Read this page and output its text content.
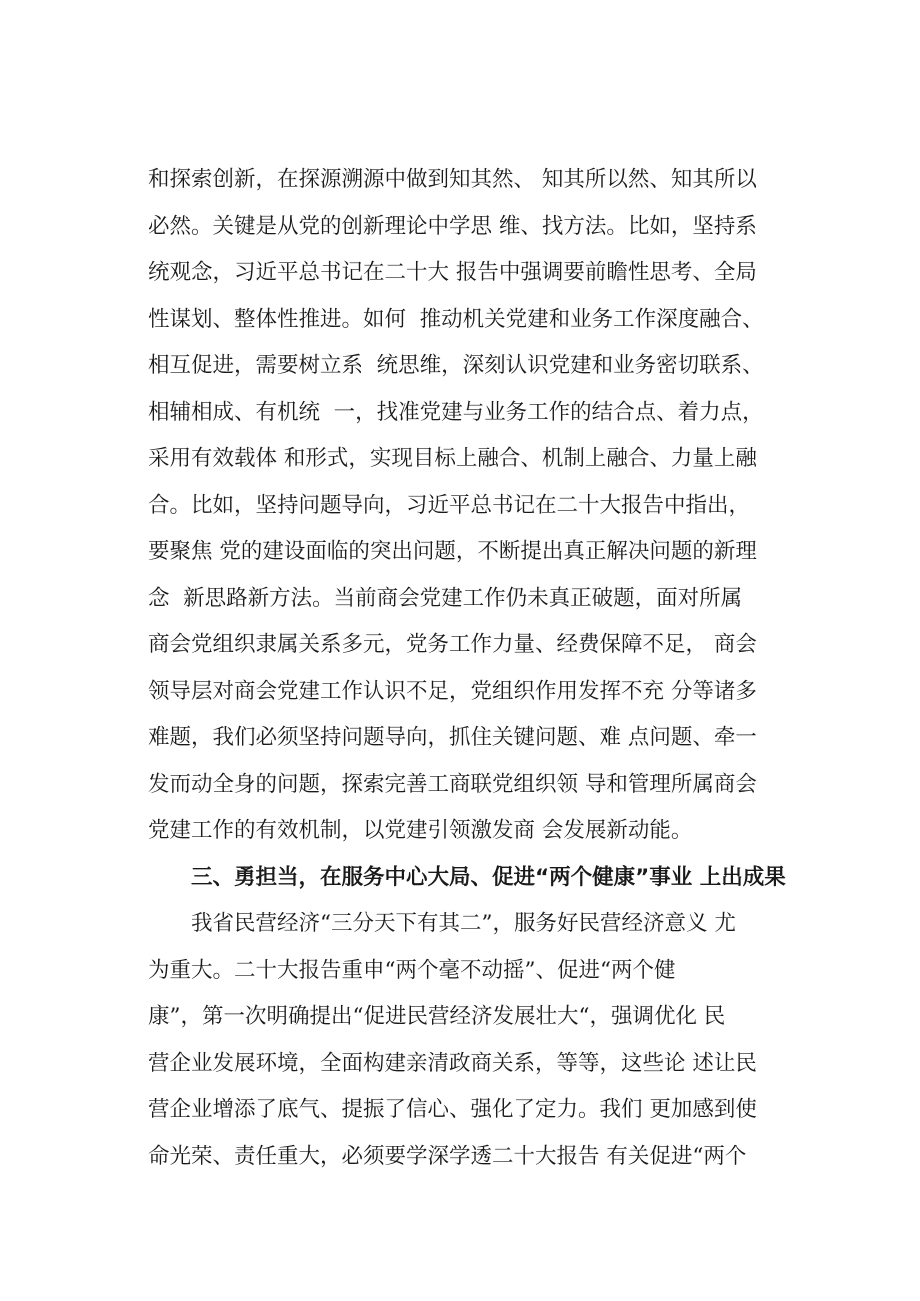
和探索创新，在探源溯源中做到知其然、 知其所以然、知其所以
必然。关键是从党的创新理论中学思 维、找方法。比如，坚持系
统观念，习近平总书记在二十大 报告中强调要前瞻性思考、全局
性谋划、整体性推进。如何  推动机关党建和业务工作深度融合、
相互促进，需要树立系  统思维，深刻认识党建和业务密切联系、
相辅相成、有机统  一，找准党建与业务工作的结合点、着力点，
采用有效载体 和形式，实现目标上融合、机制上融合、力量上融
合。比如，坚持问题导向，习近平总书记在二十大报告中指出，
要聚焦 党的建设面临的突出问题，不断提出真正解决问题的新理
念  新思路新方法。当前商会党建工作仍未真正破题，面对所属
商会党组织隶属关系多元，党务工作力量、经费保障不足， 商会
领导层对商会党建工作认识不足，党组织作用发挥不充 分等诸多
难题，我们必须坚持问题导向，抓住关键问题、难 点问题、牵一
发而动全身的问题，探索完善工商联党组织领 导和管理所属商会
党建工作的有效机制，以党建引领激发商 会发展新动能。
三、勇担当，在服务中心大局、促进“两个健康”事业 上出成果
我省民营经济“三分天下有其二”，服务好民营经济意义 尤
为重大。二十大报告重申“两个毫不动摇”、促进“两个健
康”，第一次明确提出“促进民营经济发展壮大“，强调优化 民
营企业发展环境，全面构建亲清政商关系，等等，这些论 述让民
营企业增添了底气、提振了信心、强化了定力。我们 更加感到使
命光荣、责任重大，必须要学深学透二十大报告 有关促进“两个
